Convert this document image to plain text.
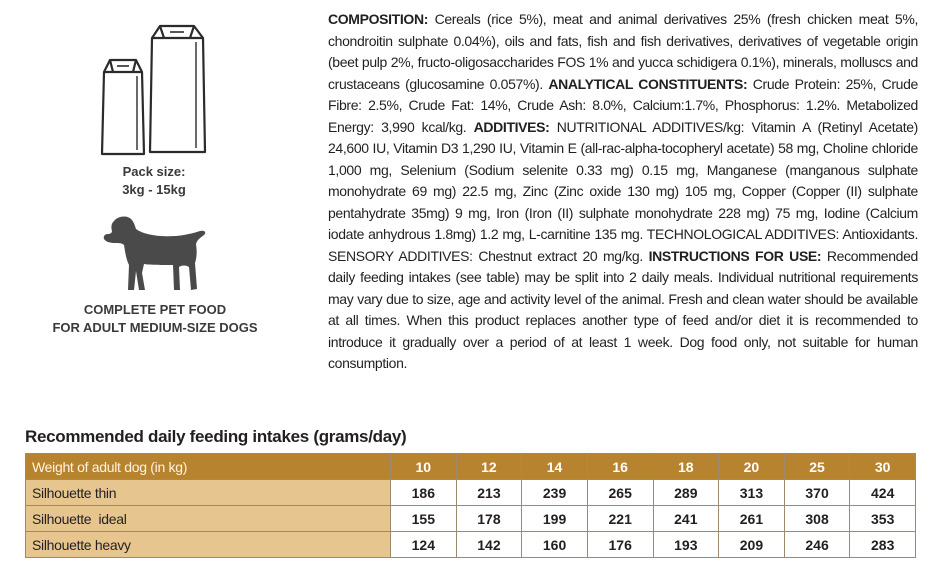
Pack size:
3kg - 15kg
COMPLETE PET FOOD
FOR ADULT MEDIUM-SIZE DOGS
COMPOSITION: Cereals (rice 5%), meat and animal derivatives 25% (fresh chicken meat 5%, chondroitin sulphate 0.04%), oils and fats, fish and fish derivatives, derivatives of vegetable origin (beet pulp 2%, fructo-oligosaccharides FOS 1% and yucca schidigera 0.1%), minerals, molluscs and crustaceans (glucosamine 0.057%). ANALYTICAL CONSTITUENTS: Crude Protein: 25%, Crude Fibre: 2.5%, Crude Fat: 14%, Crude Ash: 8.0%, Calcium:1.7%, Phosphorus: 1.2%. Metabolized Energy: 3,990 kcal/kg. ADDITIVES: NUTRITIONAL ADDITIVES/kg: Vitamin A (Retinyl Acetate) 24,600 IU, Vitamin D3 1,290 IU, Vitamin E (all-rac-alpha-tocopheryl acetate) 58 mg, Choline chloride 1,000 mg, Selenium (Sodium selenite 0.33 mg) 0.15 mg, Manganese (manganous sulphate monohydrate 69 mg) 22.5 mg, Zinc (Zinc oxide 130 mg) 105 mg, Copper (Copper (II) sulphate pentahydrate 35mg) 9 mg, Iron (Iron (II) sulphate monohydrate 228 mg) 75 mg, Iodine (Calcium iodate anhydrous 1.8mg) 1.2 mg, L-carnitine 135 mg. TECHNOLOGICAL ADDITIVES: Antioxidants. SENSORY ADDITIVES: Chestnut extract 20 mg/kg. INSTRUCTIONS FOR USE: Recommended daily feeding intakes (see table) may be split into 2 daily meals. Individual nutritional requirements may vary due to size, age and activity level of the animal. Fresh and clean water should be available at all times. When this product replaces another type of feed and/or diet it is recommended to introduce it gradually over a period of at least 1 week. Dog food only, not suitable for human consumption.
Recommended daily feeding intakes (grams/day)
Weight of adult dog (in kg)	10	12	14	16	18	20	25	30
Silhouette thin	186	213	239	265	289	313	370	424
Silhouette  ideal	155	178	199	221	241	261	308	353
Silhouette heavy	124	142	160	176	193	209	246	283
